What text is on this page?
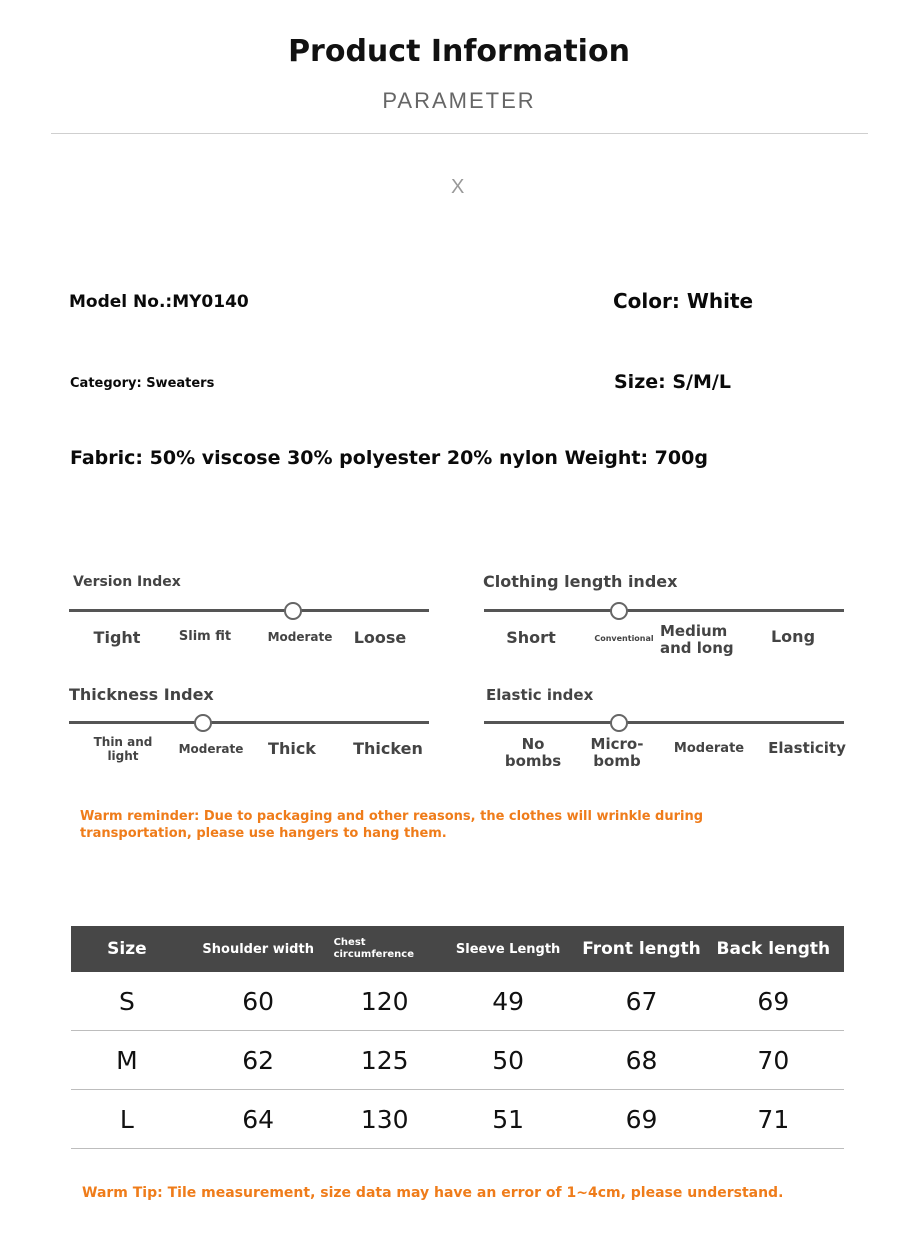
Product Information
PARAMETER
X
Model No.:MY0140	Color: White
Category: Sweaters	Size: S/M/L
Fabric: 50% viscose 30% polyester 20% nylon Weight: 700g
Version Index
Tight	Slim fit	Moderate Loose
Clothing length index
Short	Conventional Medium and long
Long
Thickness Index
Thin and light	Moderate	Thick	Thicken
Elastic index
No bombs
Micro-bomb
Moderate Elasticity
Warm reminder: Due to packaging and other reasons, the clothes will wrinkle during
transportation, please use hangers to hang them.
Size	Shoulder width	Chest circumference	Sleeve Length	Front length	Back length
S	60	120	49	67	69
M	62	125	50	68	70
L	64	130	51	69	71
Warm Tip: Tile measurement, size data may have an error of 1~4cm, please understand.
